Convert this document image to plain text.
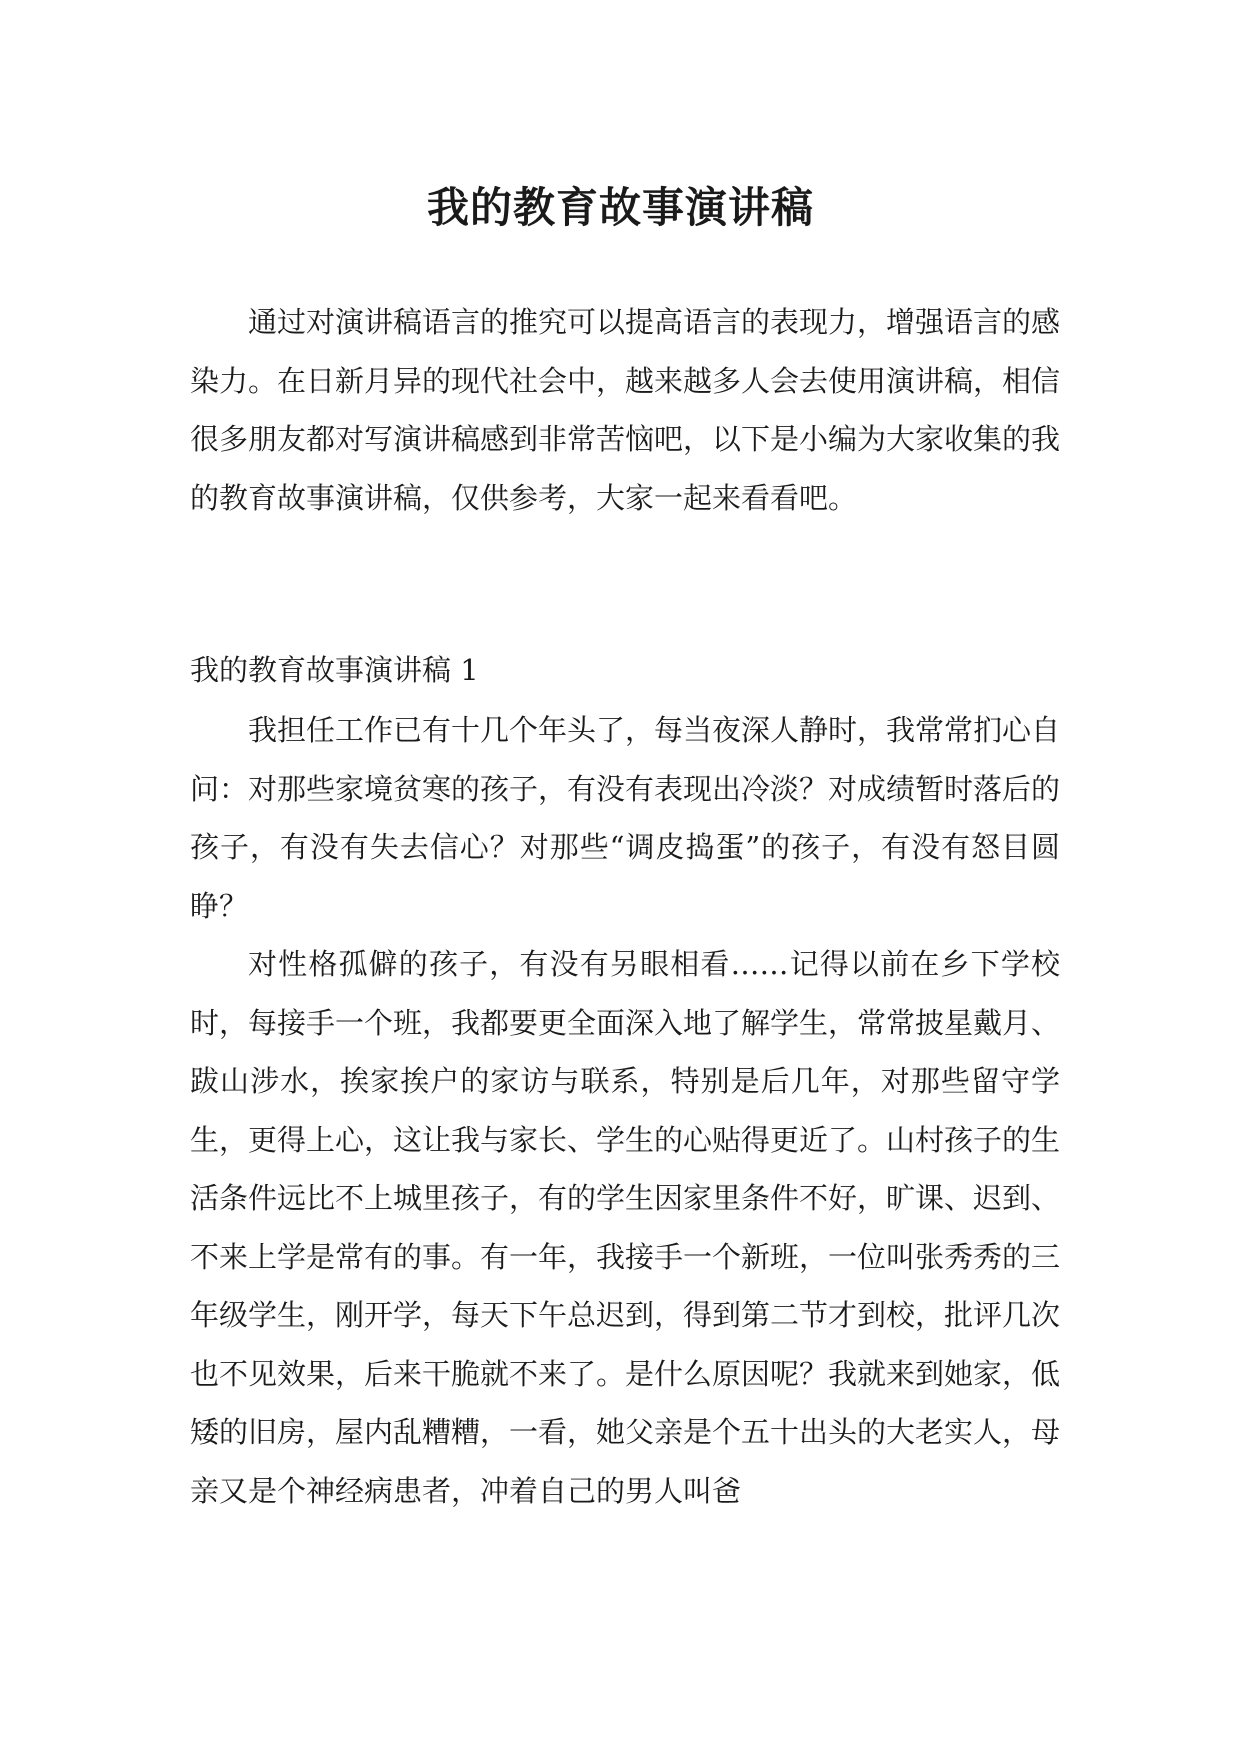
我的教育故事演讲稿

通过对演讲稿语言的推究可以提高语言的表现力，增强语言的感染力。在日新月异的现代社会中，越来越多人会去使用演讲稿，相信很多朋友都对写演讲稿感到非常苦恼吧，以下是小编为大家收集的我的教育故事演讲稿，仅供参考，大家一起来看看吧。

我的教育故事演讲稿 1

我担任工作已有十几个年头了，每当夜深人静时，我常常扪心自问：对那些家境贫寒的孩子，有没有表现出冷淡？对成绩暂时落后的孩子，有没有失去信心？对那些“调皮捣蛋”的孩子，有没有怒目圆睁？

对性格孤僻的孩子，有没有另眼相看……记得以前在乡下学校时，每接手一个班，我都要更全面深入地了解学生，常常披星戴月、跋山涉水，挨家挨户的家访与联系，特别是后几年，对那些留守学生，更得上心，这让我与家长、学生的心贴得更近了。山村孩子的生活条件远比不上城里孩子，有的学生因家里条件不好，旷课、迟到、不来上学是常有的事。有一年，我接手一个新班，一位叫张秀秀的三年级学生，刚开学，每天下午总迟到，得到第二节才到校，批评几次也不见效果，后来干脆就不来了。是什么原因呢？我就来到她家，低矮的旧房，屋内乱糟糟，一看，她父亲是个五十出头的大老实人，母亲又是个神经病患者，冲着自己的男人叫爸
